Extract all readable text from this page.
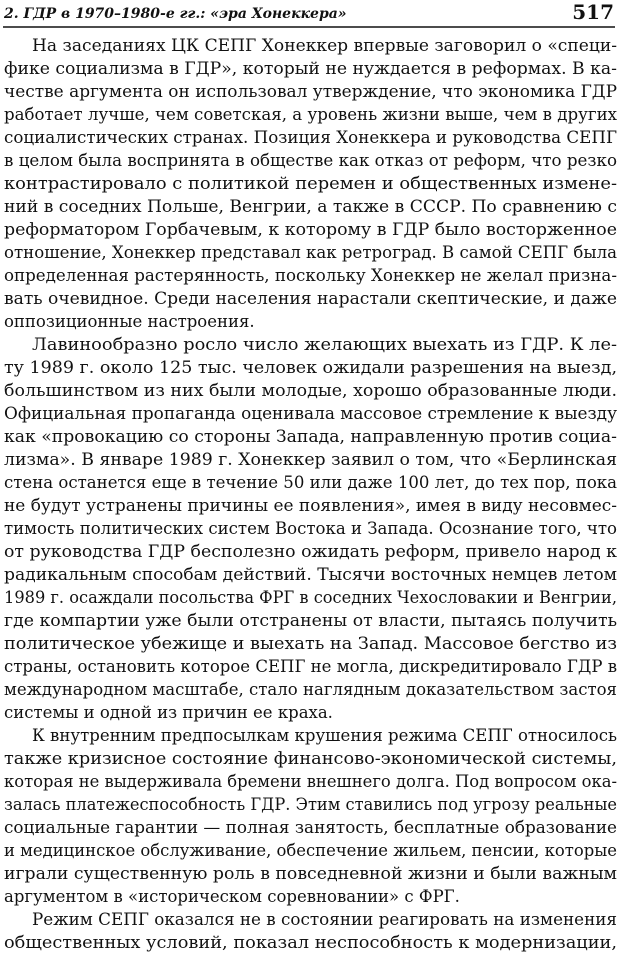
2. ГДР в 1970–1980-е гг.: «эра Хонеккера»	517
На заседаниях ЦК СЕПГ Хонеккер впервые заговорил о «специ-
фике социализма в ГДР», который не нуждается в реформах. В ка-
честве аргумента он использовал утверждение, что экономика ГДР
работает лучше, чем советская, а уровень жизни выше, чем в других
социалистических странах. Позиция Хонеккера и руководства СЕПГ
в целом была воспринята в обществе как отказ от реформ, что резко
контрастировало с политикой перемен и общественных измене-
ний в соседних Польше, Венгрии, а также в СССР. По сравнению с
реформатором Горбачевым, к которому в ГДР было восторженное
отношение, Хонеккер представал как ретроград. В самой СЕПГ была
определенная растерянность, поскольку Хонеккер не желал призна-
вать очевидное. Среди населения нарастали скептические, и даже
оппозиционные настроения.
Лавинообразно росло число желающих выехать из ГДР. К ле-
ту 1989 г. около 125 тыс. человек ожидали разрешения на выезд,
большинством из них были молодые, хорошо образованные люди.
Официальная пропаганда оценивала массовое стремление к выезду
как «провокацию со стороны Запада, направленную против социа-
лизма». В январе 1989 г. Хонеккер заявил о том, что «Берлинская
стена останется еще в течение 50 или даже 100 лет, до тех пор, пока
не будут устранены причины ее появления», имея в виду несовмес-
тимость политических систем Востока и Запада. Осознание того, что
от руководства ГДР бесполезно ожидать реформ, привело народ к
радикальным способам действий. Тысячи восточных немцев летом
1989 г. осаждали посольства ФРГ в соседних Чехословакии и Венгрии,
где компартии уже были отстранены от власти, пытаясь получить
политическое убежище и выехать на Запад. Массовое бегство из
страны, остановить которое СЕПГ не могла, дискредитировало ГДР в
международном масштабе, стало наглядным доказательством застоя
системы и одной из причин ее краха.
К внутренним предпосылкам крушения режима СЕПГ относилось
также кризисное состояние финансово-экономической системы,
которая не выдерживала бремени внешнего долга. Под вопросом ока-
залась платежеспособность ГДР. Этим ставились под угрозу реальные
социальные гарантии — полная занятость, бесплатные образование
и медицинское обслуживание, обеспечение жильем, пенсии, которые
играли существенную роль в повседневной жизни и были важным
аргументом в «историческом соревновании» с ФРГ.
Режим СЕПГ оказался не в состоянии реагировать на изменения
общественных условий, показал неспособность к модернизации,
